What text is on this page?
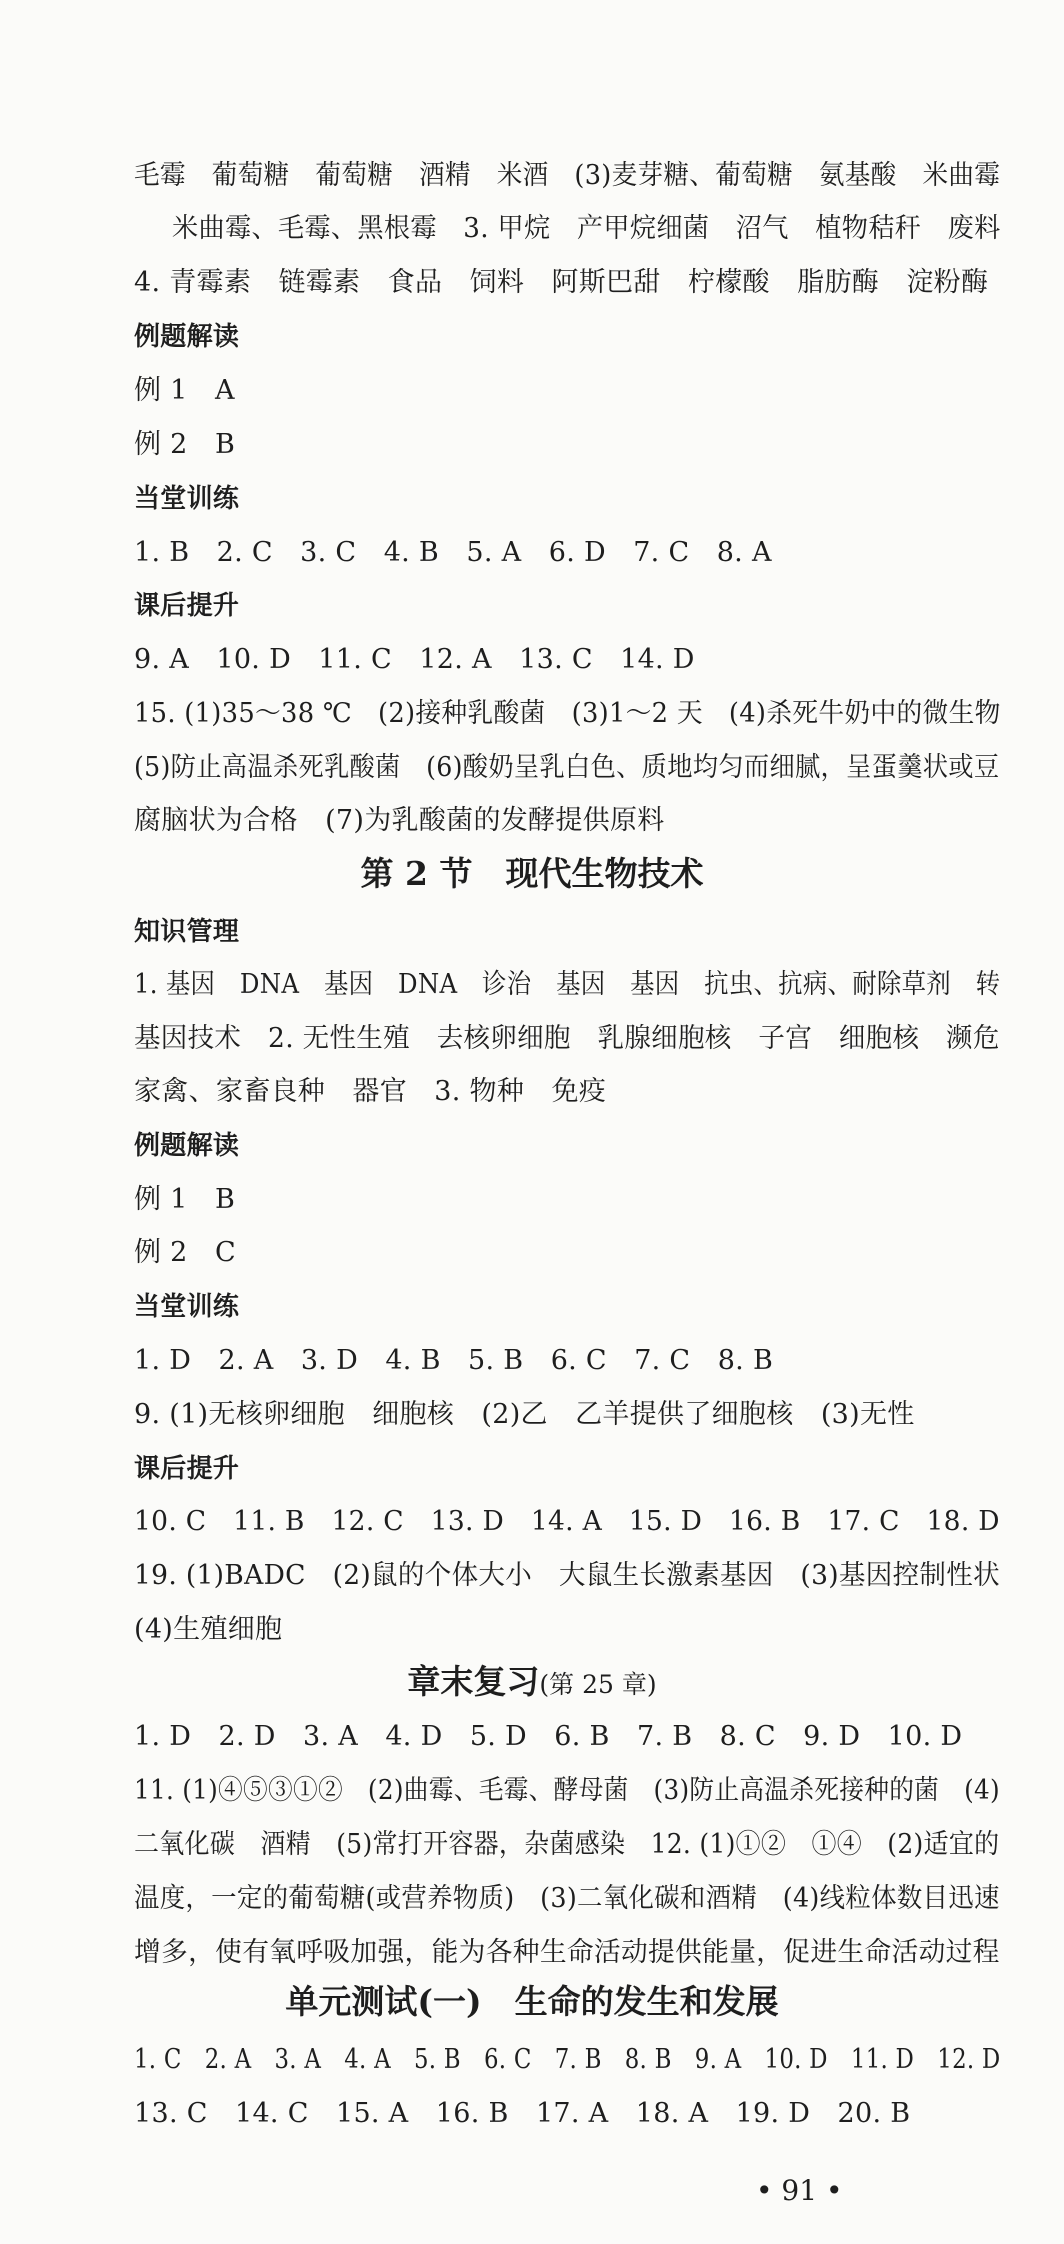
毛霉　葡萄糖　葡萄糖　酒精　米酒　(3)麦芽糖、葡萄糖　氨基酸　米曲霉
米曲霉、毛霉、黑根霉　3. 甲烷　产甲烷细菌　沼气　植物秸秆　废料
4. 青霉素　链霉素　食品　饲料　阿斯巴甜　柠檬酸　脂肪酶　淀粉酶
例题解读
例 1　A
例 2　B
当堂训练
1. B　2. C　3. C　4. B　5. A　6. D　7. C　8. A
课后提升
9. A　10. D　11. C　12. A　13. C　14. D
15. (1)35～38 ℃　(2)接种乳酸菌　(3)1～2 天　(4)杀死牛奶中的微生物
(5)防止高温杀死乳酸菌　(6)酸奶呈乳白色、质地均匀而细腻，呈蛋羹状或豆
腐脑状为合格　(7)为乳酸菌的发酵提供原料
第 2 节　现代生物技术
知识管理
1. 基因　DNA　基因　DNA　诊治　基因　基因　抗虫、抗病、耐除草剂　转
基因技术　2. 无性生殖　去核卵细胞　乳腺细胞核　子宫　细胞核　濒危
家禽、家畜良种　器官　3. 物种　免疫
例题解读
例 1　B
例 2　C
当堂训练
1. D　2. A　3. D　4. B　5. B　6. C　7. C　8. B
9. (1)无核卵细胞　细胞核　(2)乙　乙羊提供了细胞核　(3)无性
课后提升
10. C　11. B　12. C　13. D　14. A　15. D　16. B　17. C　18. D
19. (1)BADC　(2)鼠的个体大小　大鼠生长激素基因　(3)基因控制性状
(4)生殖细胞
章末复习(第 25 章)
1. D　2. D　3. A　4. D　5. D　6. B　7. B　8. C　9. D　10. D
11. (1)④⑤③①②　(2)曲霉、毛霉、酵母菌　(3)防止高温杀死接种的菌　(4)
二氧化碳　酒精　(5)常打开容器，杂菌感染　12. (1)①②　①④　(2)适宜的
温度，一定的葡萄糖(或营养物质)　(3)二氧化碳和酒精　(4)线粒体数目迅速
增多，使有氧呼吸加强，能为各种生命活动提供能量，促进生命活动过程
单元测试(一)　生命的发生和发展
1. C　2. A　3. A　4. A　5. B　6. C　7. B　8. B　9. A　10. D　11. D　12. D
13. C　14. C　15. A　16. B　17. A　18. A　19. D　20. B
• 91 •
